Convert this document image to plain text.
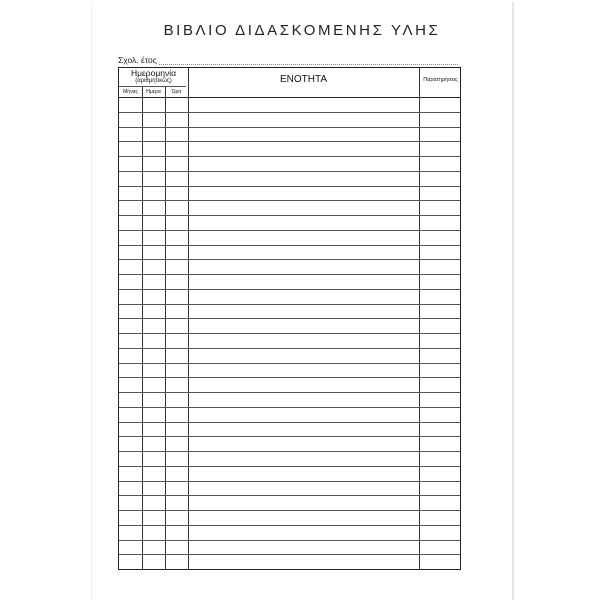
ΒΙΒΛΙΟ ΔΙΔΑΣΚΟΜΕΝΗΣ ΥΛΗΣ
Σχολ. έτος
Ημερομηνία
(αριθμητικώς)
Μήνας	Ημέρα	Ώρα
ΕΝΟΤΗΤΑ	Παρατηρήσεις
